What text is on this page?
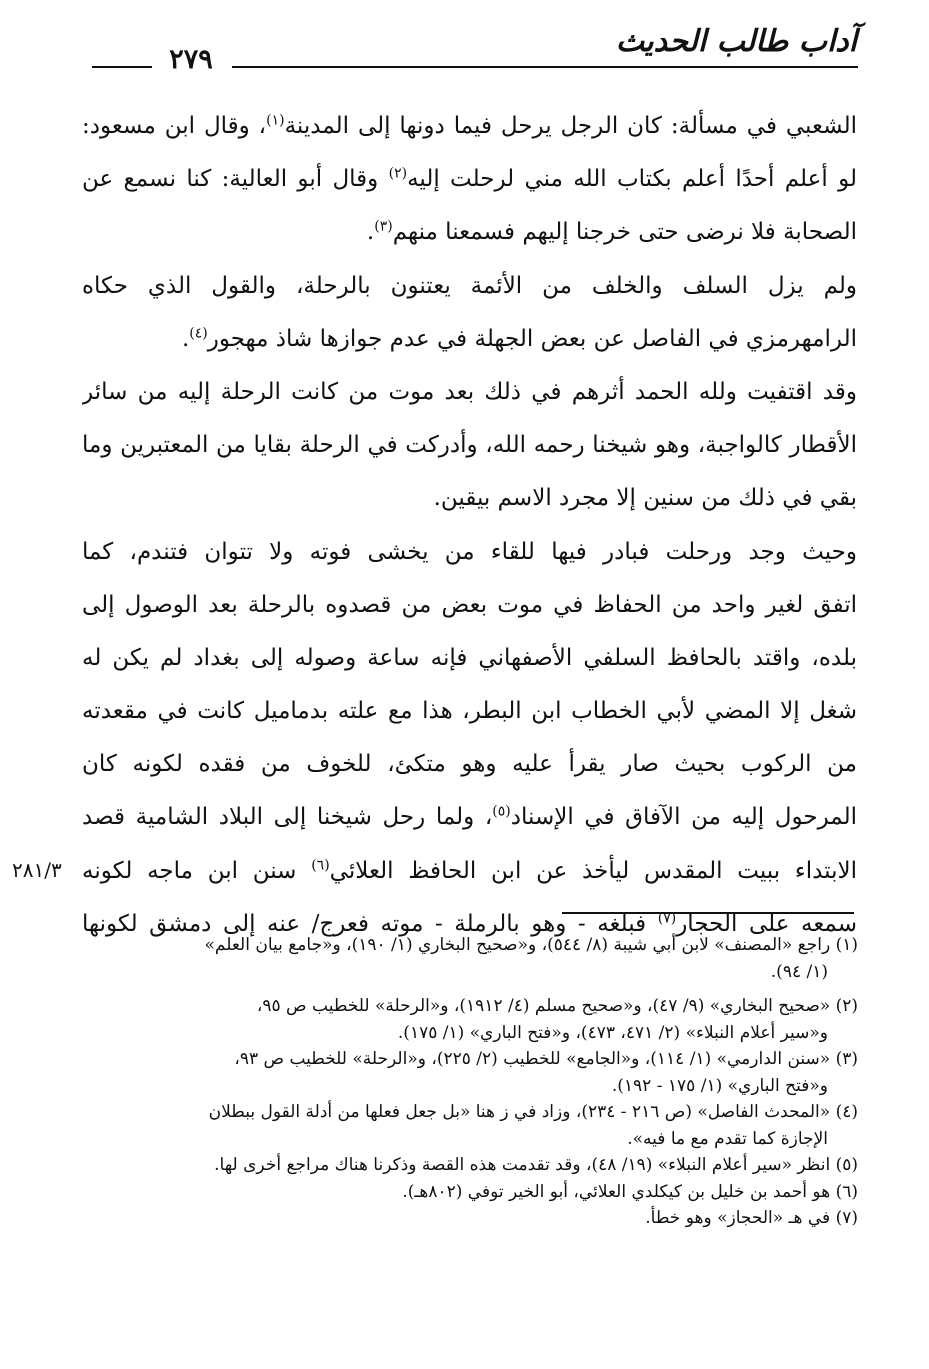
آداب طالب الحديث
٢٧٩
الشعبي في مسألة: كان الرجل يرحل فيما دونها إلى المدينة$^{(١)}$، وقال ابن مسعود:
لو أعلم أحدًا أعلم بكتاب الله مني لرحلت إليه$^{(٢)}$ وقال أبو العالية: كنا نسمع عن
الصحابة فلا نرضى حتى خرجنا إليهم فسمعنا منهم$^{(٣)}$.
ولم يزل السلف والخلف من الأئمة يعتنون بالرحلة، والقول الذي حكاه
الرامهرمزي في الفاصل عن بعض الجهلة في عدم جوازها شاذ مهجور$^{(٤)}$.
وقد اقتفيت ولله الحمد أثرهم في ذلك بعد موت من كانت الرحلة إليه من سائر
الأقطار كالواجبة، وهو شيخنا رحمه الله، وأدركت في الرحلة بقايا من المعتبرين وما
بقي في ذلك من سنين إلا مجرد الاسم بيقين.
وحيث وجد ورحلت فبادر فيها للقاء من يخشى فوته ولا تتوان فتندم، كما
اتفق لغير واحد من الحفاظ في موت بعض من قصدوه بالرحلة بعد الوصول إلى
بلده، واقتد بالحافظ السلفي الأصفهاني فإنه ساعة وصوله إلى بغداد لم يكن له
شغل إلا المضي لأبي الخطاب ابن البطر، هذا مع علته بدماميل كانت في مقعدته
من الركوب بحيث صار يقرأ عليه وهو متكئ، للخوف من فقده لكونه كان
المرحول إليه من الآفاق في الإسناد$^{(٥)}$، ولما رحل شيخنا إلى البلاد الشامية قصد
الابتداء ببيت المقدس ليأخذ عن ابن الحافظ العلائي$^{(٦)}$ سنن ابن ماجه لكونه
سمعه على الحجار$^{(٧)}$ فبلغه - وهو بالرملة - موته فعرج/ عنه إلى دمشق لكونها
٢٨١/٣
(١) راجع «المصنف» لابن أبي شيبة (٨/ ٥٤٤)، و«صحيح البخاري (١/ ١٩٠)، و«جامع بيان العلم»
(١/ ٩٤).
(٢) «صحيح البخاري» (٩/ ٤٧)، و«صحيح مسلم (٤/ ١٩١٢)، و«الرحلة» للخطيب ص ٩٥،
و«سير أعلام النبلاء» (٢/ ٤٧١، ٤٧٣)، و«فتح الباري» (١/ ١٧٥).
(٣) «سنن الدارمي» (١/ ١١٤)، و«الجامع» للخطيب (٢/ ٢٢٥)، و«الرحلة» للخطيب ص ٩٣،
و«فتح الباري» (١/ ١٧٥ - ١٩٢).
(٤) «المحدث الفاصل» (ص ٢١٦ - ٢٣٤)، وزاد في ز هنا «بل جعل فعلها من أدلة القول ببطلان
الإجازة كما تقدم مع ما فيه».
(٥) انظر «سير أعلام النبلاء» (١٩/ ٤٨)، وقد تقدمت هذه القصة وذكرنا هناك مراجع أخرى لها.
(٦) هو أحمد بن خليل بن كيكلدي العلائي، أبو الخير توفي (٨٠٢هـ).
(٧) في هـ «الحجاز» وهو خطأ.
